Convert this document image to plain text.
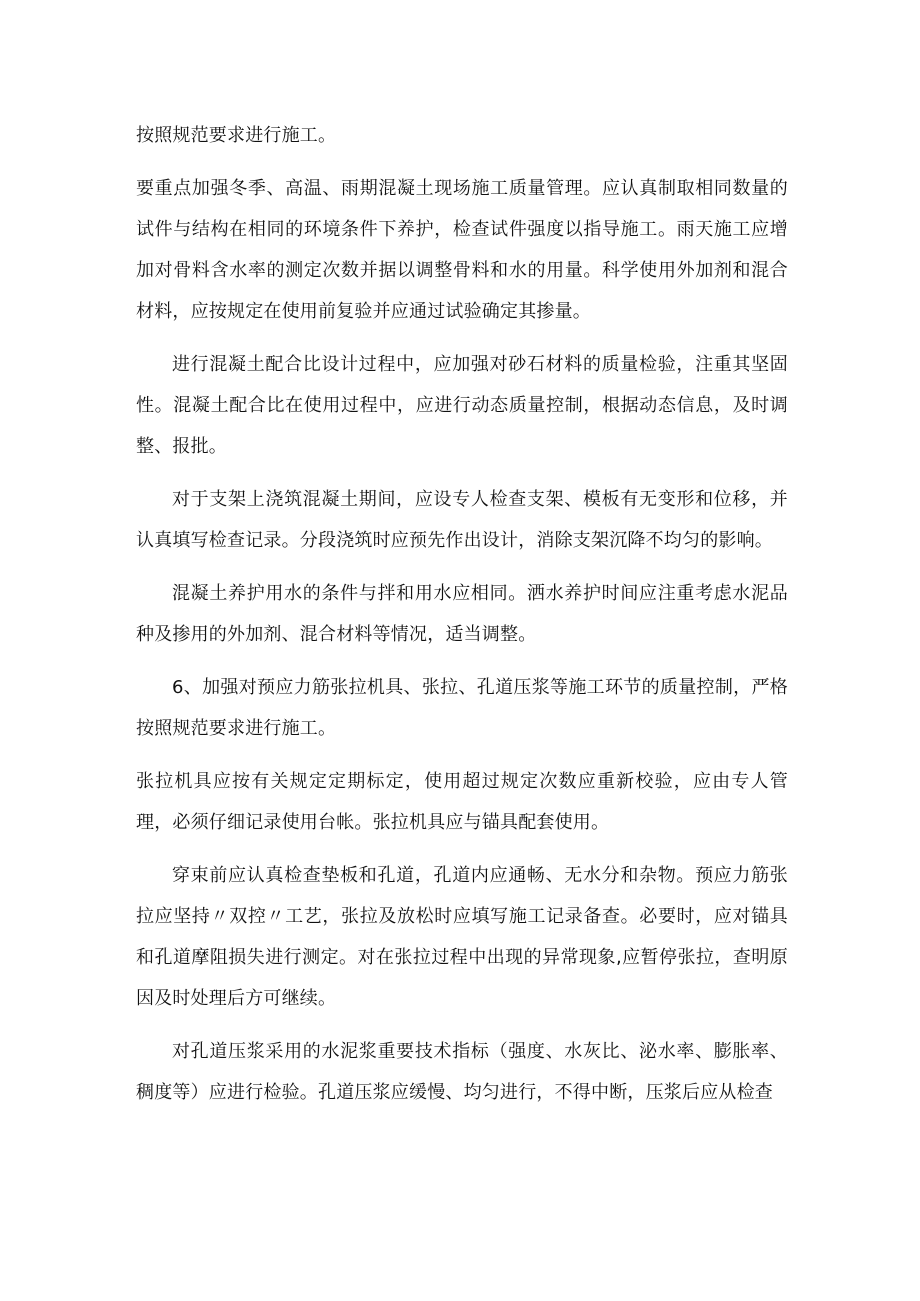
按照规范要求进行施工。

要重点加强冬季、高温、雨期混凝土现场施工质量管理。应认真制取相同数量的试件与结构在相同的环境条件下养护，检查试件强度以指导施工。雨天施工应增加对骨料含水率的测定次数并据以调整骨料和水的用量。科学使用外加剂和混合材料，应按规定在使用前复验并应通过试验确定其掺量。

进行混凝土配合比设计过程中，应加强对砂石材料的质量检验，注重其坚固性。混凝土配合比在使用过程中，应进行动态质量控制，根据动态信息，及时调整、报批。

对于支架上浇筑混凝土期间，应设专人检查支架、模板有无变形和位移，并认真填写检查记录。分段浇筑时应预先作出设计，消除支架沉降不均匀的影响。

混凝土养护用水的条件与拌和用水应相同。洒水养护时间应注重考虑水泥品种及掺用的外加剂、混合材料等情况，适当调整。

6、加强对预应力筋张拉机具、张拉、孔道压浆等施工环节的质量控制，严格按照规范要求进行施工。

张拉机具应按有关规定定期标定，使用超过规定次数应重新校验，应由专人管理，必须仔细记录使用台帐。张拉机具应与锚具配套使用。

穿束前应认真检查垫板和孔道，孔道内应通畅、无水分和杂物。预应力筋张拉应坚持〃双控〃工艺，张拉及放松时应填写施工记录备查。必要时，应对锚具和孔道摩阻损失进行测定。对在张拉过程中出现的异常现象,应暂停张拉，查明原因及时处理后方可继续。

对孔道压浆采用的水泥浆重要技术指标（强度、水灰比、泌水率、膨胀率、稠度等）应进行检验。孔道压浆应缓慢、均匀进行，不得中断，压浆后应从检查
